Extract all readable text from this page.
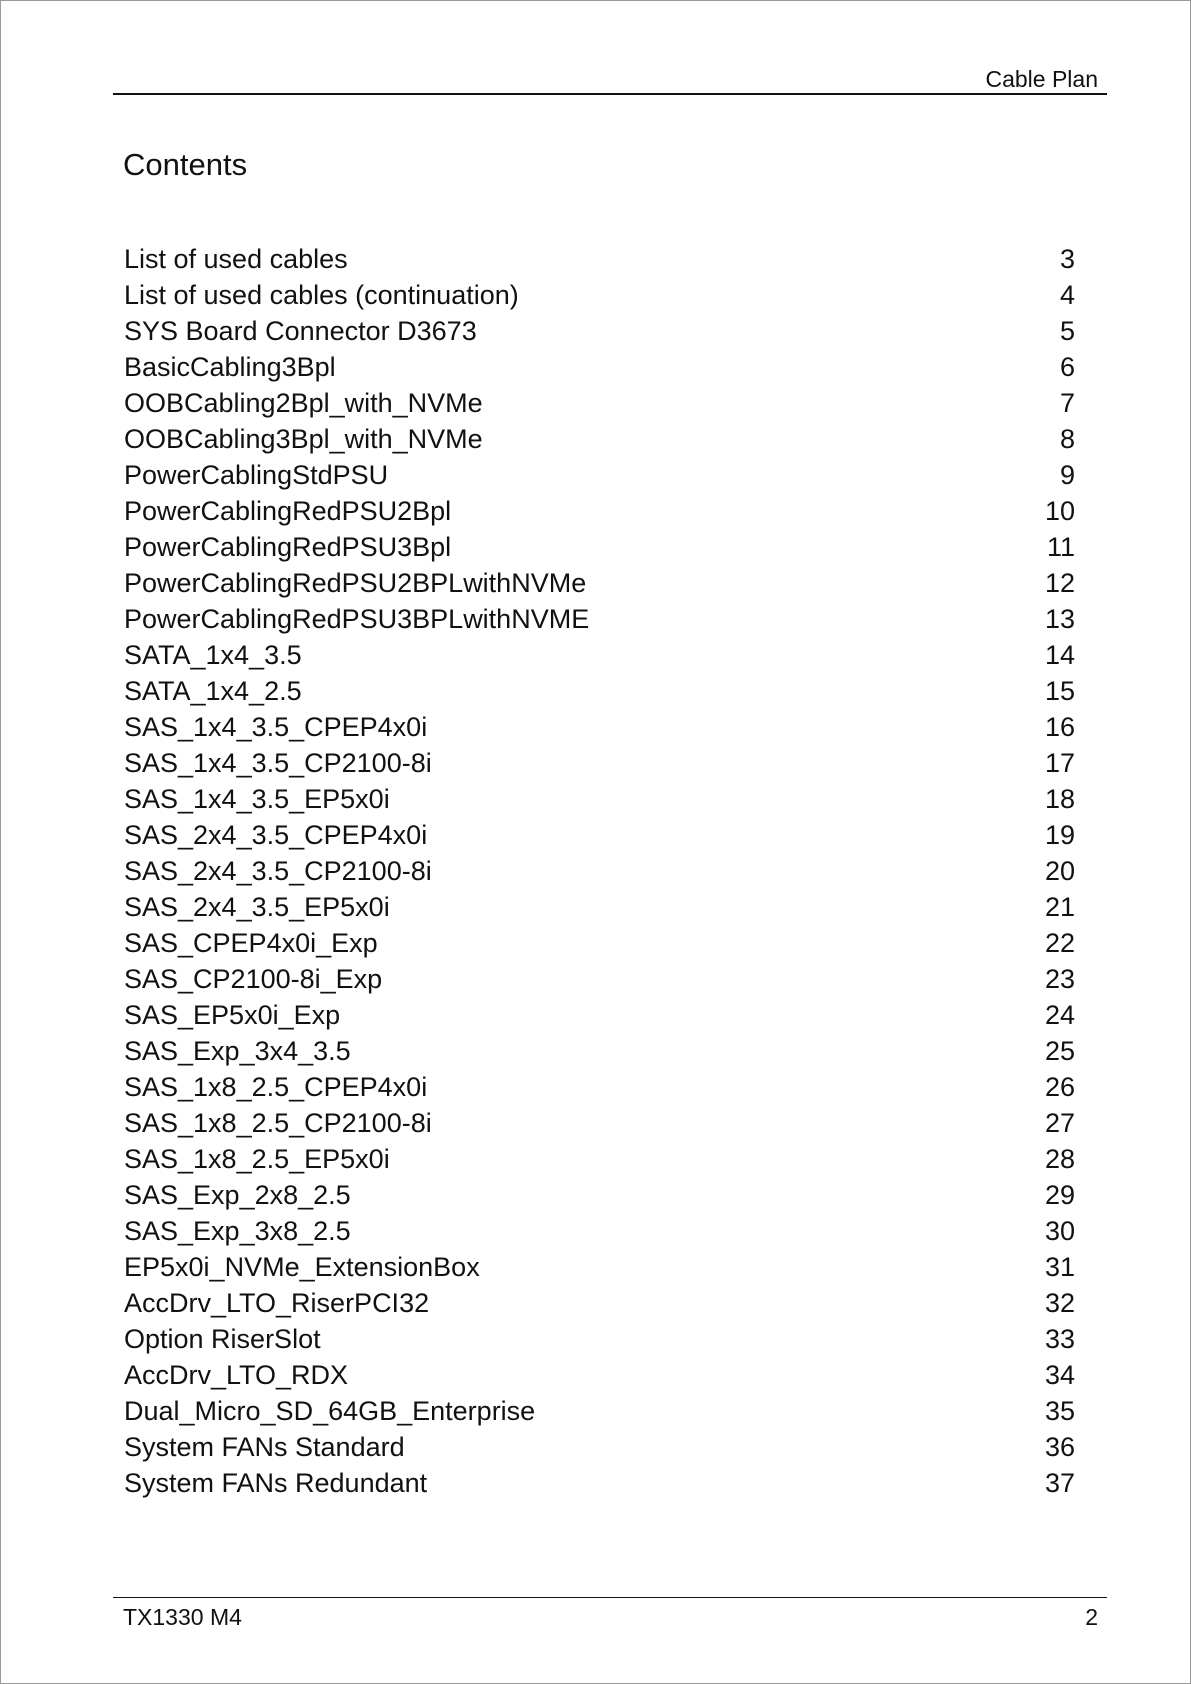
Cable Plan
Contents
List of used cables	3
List of used cables (continuation)	4
SYS Board Connector D3673	5
BasicCabling3Bpl	6
OOBCabling2Bpl_with_NVMe	7
OOBCabling3Bpl_with_NVMe	8
PowerCablingStdPSU	9
PowerCablingRedPSU2Bpl	10
PowerCablingRedPSU3Bpl	11
PowerCablingRedPSU2BPLwithNVMe	12
PowerCablingRedPSU3BPLwithNVME	13
SATA_1x4_3.5	14
SATA_1x4_2.5	15
SAS_1x4_3.5_CPEP4x0i	16
SAS_1x4_3.5_CP2100-8i	17
SAS_1x4_3.5_EP5x0i	18
SAS_2x4_3.5_CPEP4x0i	19
SAS_2x4_3.5_CP2100-8i	20
SAS_2x4_3.5_EP5x0i	21
SAS_CPEP4x0i_Exp	22
SAS_CP2100-8i_Exp	23
SAS_EP5x0i_Exp	24
SAS_Exp_3x4_3.5	25
SAS_1x8_2.5_CPEP4x0i	26
SAS_1x8_2.5_CP2100-8i	27
SAS_1x8_2.5_EP5x0i	28
SAS_Exp_2x8_2.5	29
SAS_Exp_3x8_2.5	30
EP5x0i_NVMe_ExtensionBox	31
AccDrv_LTO_RiserPCI32	32
Option RiserSlot	33
AccDrv_LTO_RDX	34
Dual_Micro_SD_64GB_Enterprise	35
System FANs Standard	36
System FANs Redundant	37
TX1330 M4	2
